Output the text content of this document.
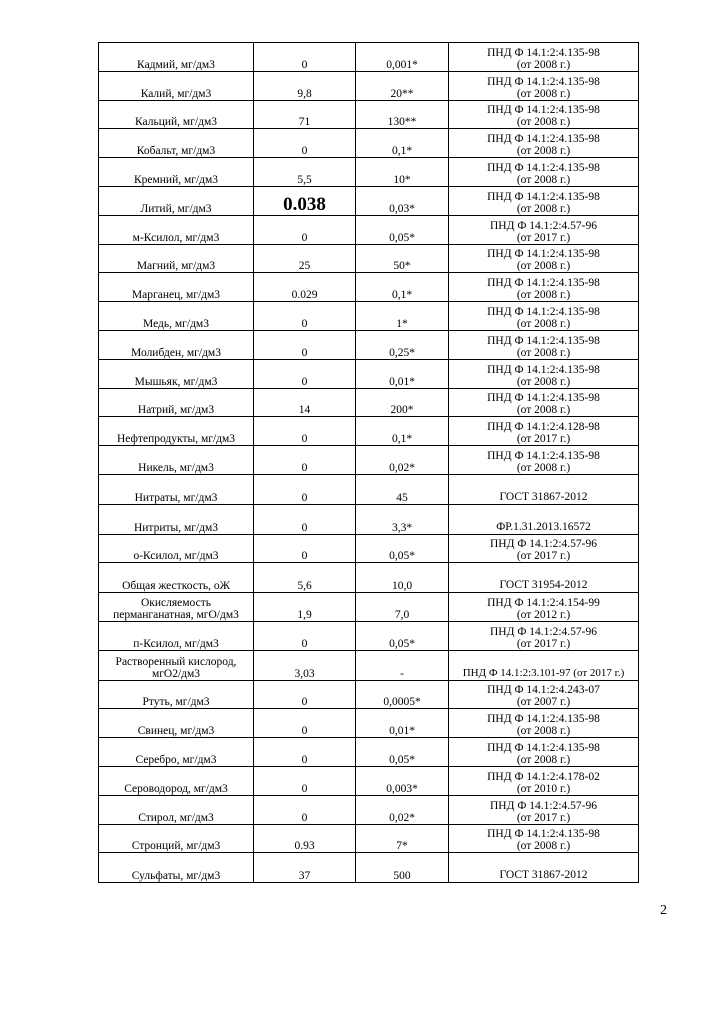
Кадмий, мг/дм3	0	0,001*	ПНД Ф 14.1:2:4.135-98
(от 2008 г.)

Калий, мг/дм3	9,8	20**	ПНД Ф 14.1:2:4.135-98
(от 2008 г.)

Кальций, мг/дм3	71	130**	ПНД Ф 14.1:2:4.135-98
(от 2008 г.)

Кобальт, мг/дм3	0	0,1*	ПНД Ф 14.1:2:4.135-98
(от 2008 г.)

Кремний, мг/дм3	5,5	10*	ПНД Ф 14.1:2:4.135-98
(от 2008 г.)

Литий, мг/дм3	0.038	0,03*	ПНД Ф 14.1:2:4.135-98
(от 2008 г.)

м-Ксилол, мг/дм3	0	0,05*	ПНД Ф 14.1:2:4.57-96
(от 2017 г.)

Магний, мг/дм3	25	50*	ПНД Ф 14.1:2:4.135-98
(от 2008 г.)

Марганец, мг/дм3	0.029	0,1*	ПНД Ф 14.1:2:4.135-98
(от 2008 г.)

Медь, мг/дм3	0	1*	ПНД Ф 14.1:2:4.135-98
(от 2008 г.)

Молибден, мг/дм3	0	0,25*	ПНД Ф 14.1:2:4.135-98
(от 2008 г.)

Мышьяк, мг/дм3	0	0,01*	ПНД Ф 14.1:2:4.135-98
(от 2008 г.)

Натрий, мг/дм3	14	200*	ПНД Ф 14.1:2:4.135-98
(от 2008 г.)

Нефтепродукты, мг/дм3	0	0,1*	ПНД Ф 14.1:2:4.128-98
(от 2017 г.)

Никель, мг/дм3	0	0,02*	ПНД Ф 14.1:2:4.135-98
(от 2008 г.)

Нитраты, мг/дм3	0	45	ГОСТ 31867-2012

Нитриты, мг/дм3	0	3,3*	ФР.1.31.2013.16572

о-Ксилол, мг/дм3	0	0,05*	ПНД Ф 14.1:2:4.57-96
(от 2017 г.)

Общая жесткость, оЖ	5,6	10,0	ГОСТ 31954-2012

Окисляемость
перманганатная, мгО/дм3	1,9	7,0	ПНД Ф 14.1:2:4.154-99
(от 2012 г.)

п-Ксилол, мг/дм3	0	0,05*	ПНД Ф 14.1:2:4.57-96
(от 2017 г.)

Растворенный кислород,
мгО2/дм3	3,03	-	ПНД Ф 14.1:2:3.101-97 (от 2017 г.)

Ртуть, мг/дм3	0	0,0005*	ПНД Ф 14.1:2:4.243-07
(от 2007 г.)

Свинец, мг/дм3	0	0,01*	ПНД Ф 14.1:2:4.135-98
(от 2008 г.)

Серебро, мг/дм3	0	0,05*	ПНД Ф 14.1:2:4.135-98
(от 2008 г.)

Сероводород, мг/дм3	0	0,003*	ПНД Ф 14.1:2:4.178-02
(от 2010 г.)

Стирол, мг/дм3	0	0,02*	ПНД Ф 14.1:2:4.57-96
(от 2017 г.)

Стронций, мг/дм3	0.93	7*	ПНД Ф 14.1:2:4.135-98
(от 2008 г.)

Сульфаты, мг/дм3	37	500	ГОСТ 31867-2012
2
